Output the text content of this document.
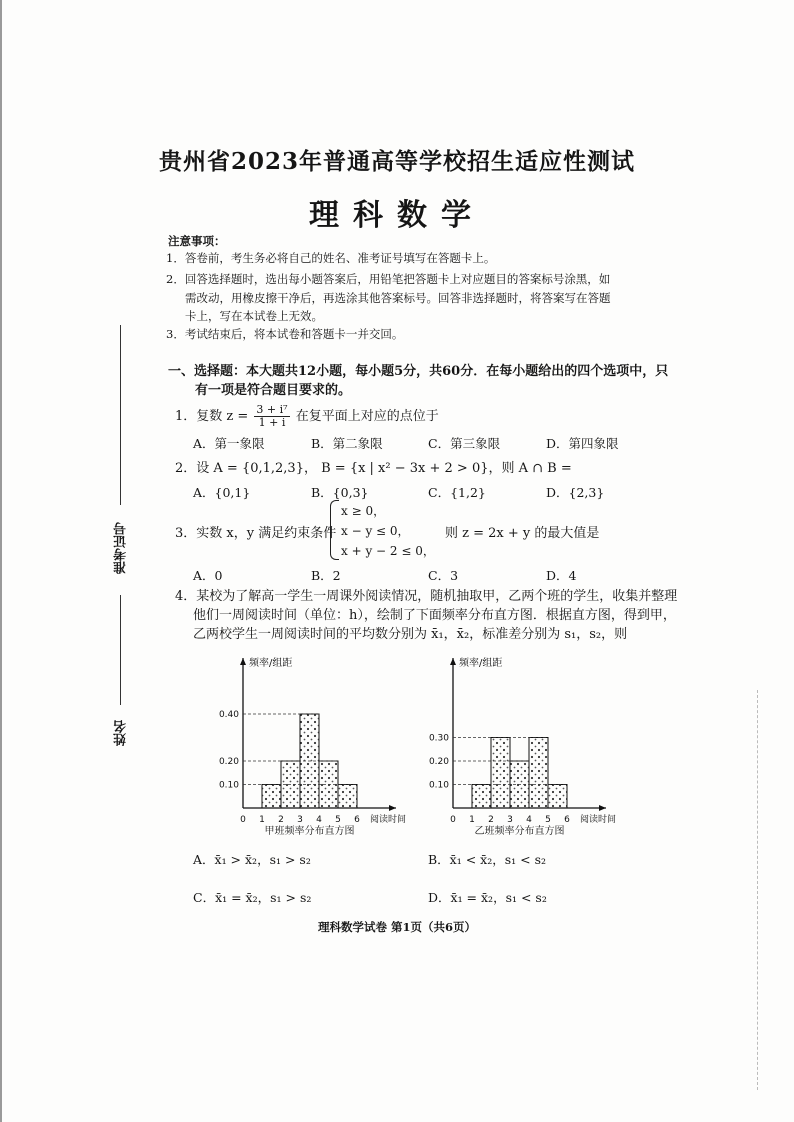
准考证号
姓名
贵州省2023年普通高等学校招生适应性测试
理科数学
注意事项：
1．答卷前，考生务必将自己的姓名、准考证号填写在答题卡上。
2．回答选择题时，选出每小题答案后，用铅笔把答题卡上对应题目的答案标号涂黑，如
需改动，用橡皮擦干净后，再选涂其他答案标号。回答非选择题时，将答案写在答题
卡上，写在本试卷上无效。
3．考试结束后，将本试卷和答题卡一并交回。
一、选择题：本大题共12小题，每小题5分，共60分．在每小题给出的四个选项中，只
有一项是符合题目要求的。
1．复数 $z = \frac{\text{3 + i⁷}}{1 + i}$ 在复平面上对应的点位于
A．第一象限	B．第二象限	C．第三象限	D．第四象限
2．设 A = {0,1,2,3}， B = {x | x² − 3x + 2 > 0}，则 A ∩ B =
A．{0,1}	B．{0,3}	C．{1,2}	D．{2,3}
3．实数 x，y 满足约束条件
x ≥ 0，
x − y ≤ 0，
x + y − 2 ≤ 0，
则 z = 2x + y 的最大值是
A．0	B．2	C．3	D．4
4．某校为了解高一学生一周课外阅读情况，随机抽取甲，乙两个班的学生，收集并整理
他们一周阅读时间（单位：h），绘制了下面频率分布直方图．根据直方图，得到甲，
乙两校学生一周阅读时间的平均数分别为 x̄₁，x̄₂，标准差分别为 s₁，s₂，则
频率/组距
0.10
0.20
0.40
0 1 2 3 4 5 6 阅读时间
甲班频率分布直方图
频率/组距
0.10
0.20
0.30
0 1 2 3 4 5 6 阅读时间
乙班频率分布直方图
A．x̄₁ > x̄₂，s₁ > s₂	B．x̄₁ < x̄₂，s₁ < s₂
C．x̄₁ = x̄₂，s₁ > s₂	D．x̄₁ = x̄₂，s₁ < s₂
理科数学试卷 第1页（共6页）
